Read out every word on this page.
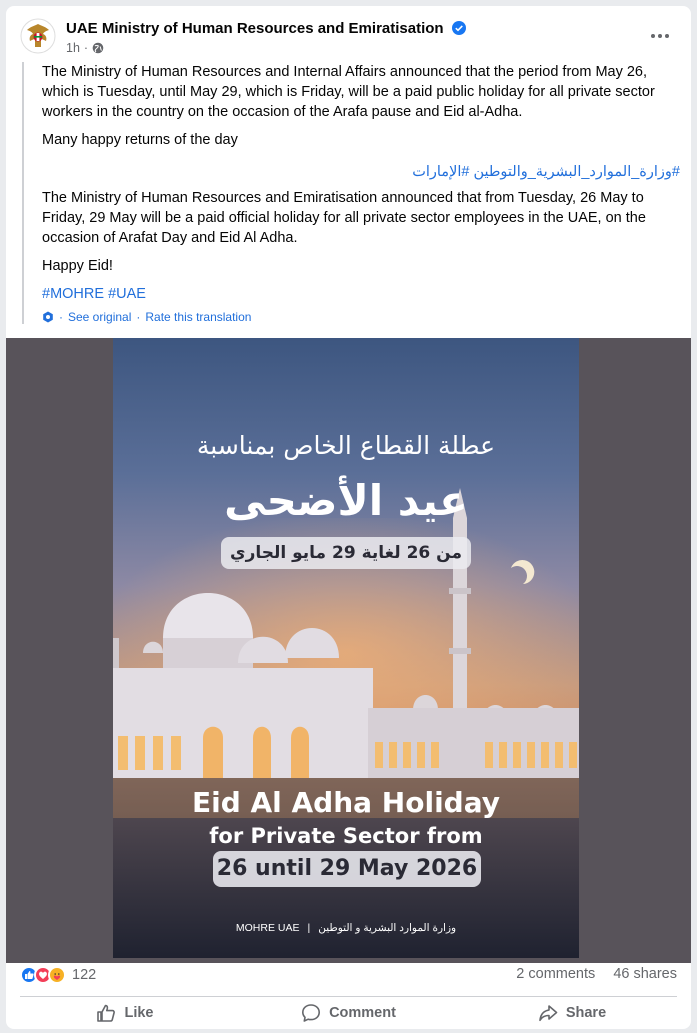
UAE Ministry of Human Resources and Emiratisation
1h ·

The Ministry of Human Resources and Internal Affairs announced that the period from May 26, which is Tuesday, until May 29, which is Friday, will be a paid public holiday for all private sector workers in the country on the occasion of the Arafa pause and Eid al-Adha.

Many happy returns of the day

#وزارة_الموارد_البشرية_والتوطين #الإمارات

The Ministry of Human Resources and Emiratisation announced that from Tuesday, 26 May to Friday, 29 May will be a paid official holiday for all private sector employees in the UAE, on the occasion of Arafat Day and Eid Al Adha.

Happy Eid!

#MOHRE #UAE

· See original · Rate this translation
عطلة القطاع الخاص بمناسبة
عيد الأضحى
من 26 لغاية 29 مايو الجاري
Eid Al Adha Holiday
for Private Sector from
26 until 29 May 2026
MOHRE UAE | وزارة الموارد البشرية و التوطين
122	2 comments 46 shares
Like	Comment	Share
